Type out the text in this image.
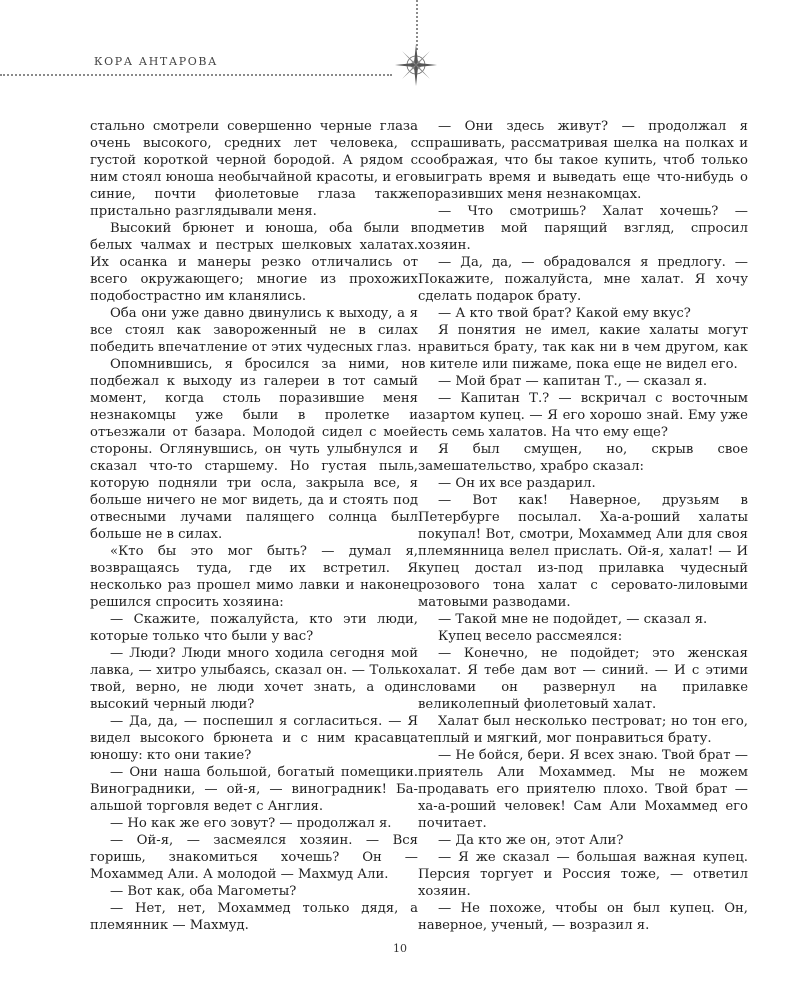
КОРА АНТАРОВА

стально смотрели совершенно черные глаза очень высокого, средних лет человека, с густой короткой черной бородой. А рядом с ним стоял юноша необычайной красоты, и его синие, почти фиолетовые глаза также пристально разглядывали меня.

Высокий брюнет и юноша, оба были в белых чалмах и пестрых шелковых халатах. Их осанка и манеры резко отличались от всего окружающего; многие из прохожих подобострастно им кланялись.

Оба они уже давно двинулись к выходу, а я все стоял как завороженный не в силах победить впечатление от этих чудесных глаз.

Опомнившись, я бросился за ними, но подбежал к выходу из галереи в тот самый момент, когда столь поразившие меня незнакомцы уже были в пролетке и отъезжали от базара. Молодой сидел с моей стороны. Оглянувшись, он чуть улыбнулся и сказал что-то старшему. Но густая пыль, которую подняли три осла, закрыла все, я больше ничего не мог видеть, да и стоять под отвесными лучами палящего солнца был больше не в силах.

«Кто бы это мог быть? — думал я, возвращаясь туда, где их встретил. Я несколько раз прошел мимо лавки и наконец решился спросить хозяина:

— Скажите, пожалуйста, кто эти люди, которые только что были у вас?

— Люди? Люди много ходила сегодня мой лавка, — хитро улыбаясь, сказал он. — Только твой, верно, не люди хочет знать, а один высокий черный люди?

— Да, да, — поспешил я согласиться. — Я видел высокого брюнета и с ним красавца юношу: кто они такие?

— Они наша большой, богатый помещики. Виноградники, — ой-я, — виноградник! Ба-альшой торговля ведет с Англия.

— Но как же его зовут? — продолжал я.

— Ой-я, — засмеялся хозяин. — Вся горишь, знакомиться хочешь? Он — Мохаммед Али. А молодой — Махмуд Али.

— Вот как, оба Магометы?

— Нет, нет, Мохаммед только дядя, а племянник — Махмуд.

— Они здесь живут? — продолжал я спрашивать, рассматривая шелка на полках и соображая, что бы такое купить, чтоб только выиграть время и выведать еще что-нибудь о поразивших меня незнакомцах.

— Что смотришь? Халат хочешь? — подметив мой парящий взгляд, спросил хозяин.

— Да, да, — обрадовался я предлогу. — Покажите, пожалуйста, мне халат. Я хочу сделать подарок брату.

— А кто твой брат? Какой ему вкус?

Я понятия не имел, какие халаты могут нравиться брату, так как ни в чем другом, как в кителе или пижаме, пока еще не видел его.

— Мой брат — капитан Т., — сказал я.

— Капитан Т.? — вскричал с восточным азартом купец. — Я его хорошо знай. Ему уже есть семь халатов. На что ему еще?

Я был смущен, но, скрыв свое замешательство, храбро сказал:

— Он их все раздарил.

— Вот как! Наверное, друзьям в Петербурге посылал. Ха-а-роший халаты покупал! Вот, смотри, Мохаммед Али для своя племянница велел прислать. Ой-я, халат! — И купец достал из-под прилавка чудесный розового тона халат с серовато-лиловыми матовыми разводами.

— Такой мне не подойдет, — сказал я.

Купец весело рассмеялся:

— Конечно, не подойдет; это женская халат. Я тебе дам вот — синий. — И с этими словами он развернул на прилавке великолепный фиолетовый халат.

Халат был несколько пестроват; но тон его, теплый и мягкий, мог понравиться брату.

— Не бойся, бери. Я всех знаю. Твой брат — приятель Али Мохаммед. Мы не можем продавать его приятелю плохо. Твой брат — ха-а-роший человек! Сам Али Мохаммед его почитает.

— Да кто же он, этот Али?

— Я же сказал — большая важная купец. Персия торгует и Россия тоже, — ответил хозяин.

— Не похоже, чтобы он был купец. Он, наверное, ученый, — возразил я.

10
